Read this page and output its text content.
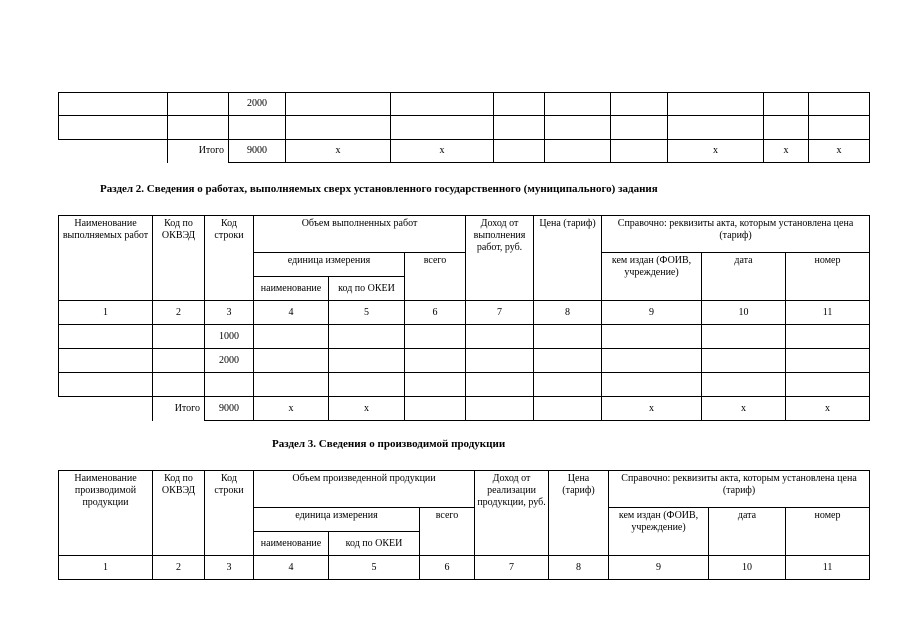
		2000								

	Итого	9000	x	x				x	x	x
Раздел 2. Сведения о работах, выполняемых сверх установленного государственного (муниципального) задания
Наименование выполняемых работ	Код по ОКВЭД	Код строки	Объем выполненных работ			Доход от выполнения работ, руб.	Цена (тариф)	Справочно: реквизиты акта, которым установлена цена (тариф)		
			единица измерения		всего			кем издан (ФОИВ, учреждение)	дата	номер
			наименование	код по ОКЕИ						
1	2	3	4	5	6	7	8	9	10	11
		1000								
		2000								

	Итого	9000	x	x				x	x	x
Раздел 3. Сведения о производимой продукции
Наименование производимой продукции	Код по ОКВЭД	Код строки	Объем произведенной продукции			Доход от реализации продукции, руб.	Цена (тариф)	Справочно: реквизиты акта, которым установлена цена (тариф)		
			единица измерения		всего			кем издан (ФОИВ, учреждение)	дата	номер
			наименование	код по ОКЕИ						
1	2	3	4	5	6	7	8	9	10	11
